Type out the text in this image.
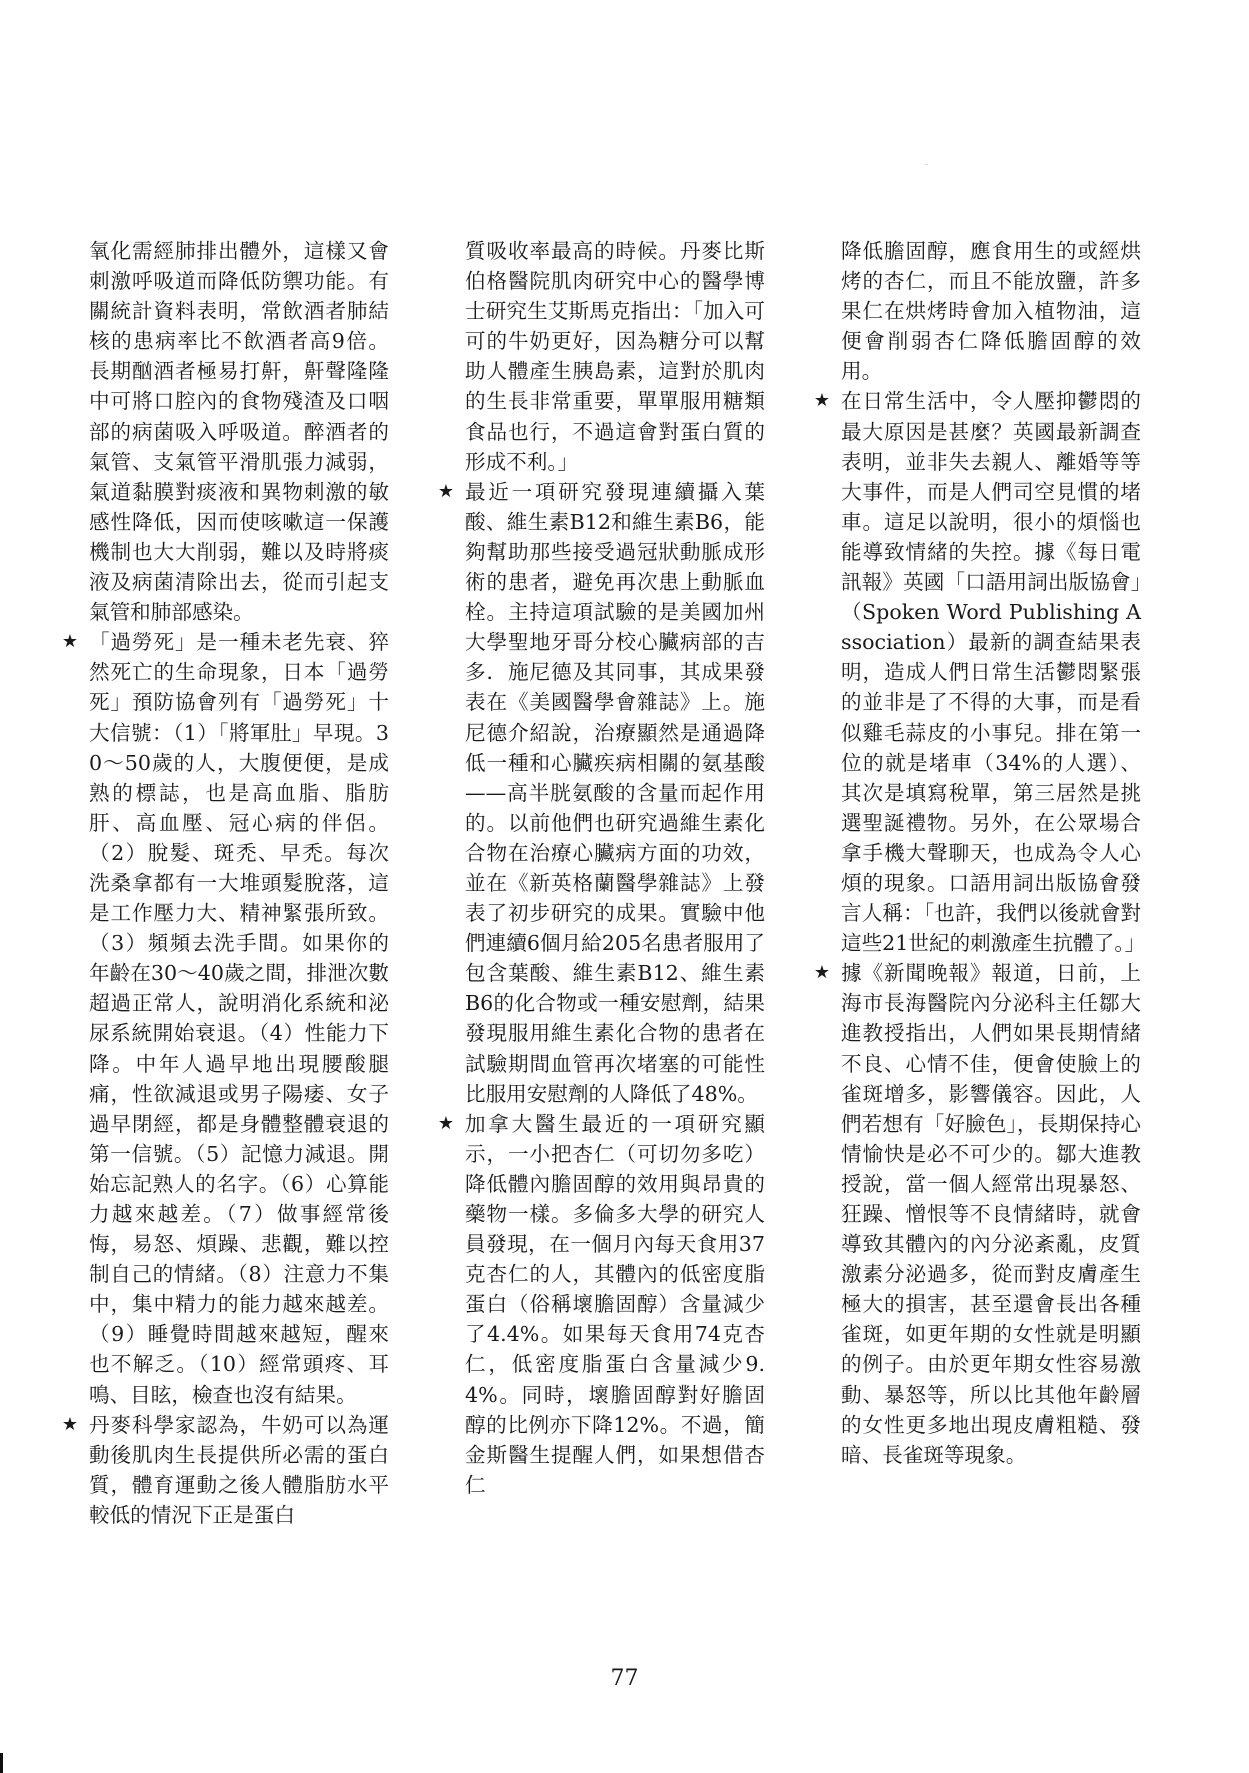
氧化需經肺排出體外，這樣又會刺激呼吸道而降低防禦功能。有關統計資料表明，常飲酒者肺結核的患病率比不飲酒者高9倍。長期酗酒者極易打鼾，鼾聲隆隆中可將口腔內的食物殘渣及口咽部的病菌吸入呼吸道。醉酒者的氣管、支氣管平滑肌張力減弱，氣道黏膜對痰液和異物刺激的敏感性降低，因而使咳嗽這一保護機制也大大削弱，難以及時將痰液及病菌清除出去，從而引起支氣管和肺部感染。

★ 「過勞死」是一種未老先衰、猝然死亡的生命現象，日本「過勞死」預防協會列有「過勞死」十大信號：（1）「將軍肚」早現。30～50歲的人，大腹便便，是成熟的標誌，也是高血脂、脂肪肝、高血壓、冠心病的伴侶。（2）脫髮、斑禿、早禿。每次洗桑拿都有一大堆頭髮脫落，這是工作壓力大、精神緊張所致。（3）頻頻去洗手間。如果你的年齡在30～40歲之間，排泄次數超過正常人，說明消化系統和泌尿系統開始衰退。（4）性能力下降。中年人過早地出現腰酸腿痛，性欲減退或男子陽痿、女子過早閉經，都是身體整體衰退的第一信號。（5）記憶力減退。開始忘記熟人的名字。（6）心算能力越來越差。（7）做事經常後悔，易怒、煩躁、悲觀，難以控制自己的情緒。（8）注意力不集中，集中精力的能力越來越差。（9）睡覺時間越來越短，醒來也不解乏。（10）經常頭疼、耳鳴、目眩，檢查也沒有結果。

★ 丹麥科學家認為，牛奶可以為運動後肌肉生長提供所必需的蛋白質，體育運動之後人體脂肪水平較低的情況下正是蛋白

質吸收率最高的時候。丹麥比斯伯格醫院肌肉研究中心的醫學博士研究生艾斯馬克指出：「加入可可的牛奶更好，因為糖分可以幫助人體產生胰島素，這對於肌肉的生長非常重要，單單服用糖類食品也行，不過這會對蛋白質的形成不利。」

★ 最近一項研究發現連續攝入葉酸、維生素B12和維生素B6，能夠幫助那些接受過冠狀動脈成形術的患者，避免再次患上動脈血栓。主持這項試驗的是美國加州大學聖地牙哥分校心臟病部的吉多．施尼德及其同事，其成果發表在《美國醫學會雜誌》上。施尼德介紹說，治療顯然是通過降低一種和心臟疾病相關的氨基酸——高半胱氨酸的含量而起作用的。以前他們也研究過維生素化合物在治療心臟病方面的功效，並在《新英格蘭醫學雜誌》上發表了初步研究的成果。實驗中他們連續6個月給205名患者服用了包含葉酸、維生素B12、維生素B6的化合物或一種安慰劑，結果發現服用維生素化合物的患者在試驗期間血管再次堵塞的可能性比服用安慰劑的人降低了48%。

★ 加拿大醫生最近的一項研究顯示，一小把杏仁（可切勿多吃）降低體內膽固醇的效用與昂貴的藥物一樣。多倫多大學的研究人員發現，在一個月內每天食用37克杏仁的人，其體內的低密度脂蛋白（俗稱壞膽固醇）含量減少了4.4%。如果每天食用74克杏仁，低密度脂蛋白含量減少9.4%。同時，壞膽固醇對好膽固醇的比例亦下降12%。不過，簡金斯醫生提醒人們，如果想借杏仁

降低膽固醇，應食用生的或經烘烤的杏仁，而且不能放鹽，許多果仁在烘烤時會加入植物油，這便會削弱杏仁降低膽固醇的效用。

★ 在日常生活中，令人壓抑鬱悶的最大原因是甚麼？英國最新調查表明，並非失去親人、離婚等等大事件，而是人們司空見慣的堵車。這足以說明，很小的煩惱也能導致情緒的失控。據《每日電訊報》英國「口語用詞出版協會」（Spoken Word Publishing Association）最新的調查結果表明，造成人們日常生活鬱悶緊張的並非是了不得的大事，而是看似雞毛蒜皮的小事兒。排在第一位的就是堵車（34%的人選）、其次是填寫稅單，第三居然是挑選聖誕禮物。另外，在公眾場合拿手機大聲聊天，也成為令人心煩的現象。口語用詞出版協會發言人稱：「也許，我們以後就會對這些21世紀的刺激產生抗體了。」

★ 據《新聞晚報》報道，日前，上海市長海醫院內分泌科主任鄒大進教授指出，人們如果長期情緒不良、心情不佳，便會使臉上的雀斑增多，影響儀容。因此，人們若想有「好臉色」，長期保持心情愉快是必不可少的。鄒大進教授說，當一個人經常出現暴怒、狂躁、憎恨等不良情緒時，就會導致其體內的內分泌紊亂，皮質激素分泌過多，從而對皮膚產生極大的損害，甚至還會長出各種雀斑，如更年期的女性就是明顯的例子。由於更年期女性容易激動、暴怒等，所以比其他年齡層的女性更多地出現皮膚粗糙、發暗、長雀斑等現象。

77
